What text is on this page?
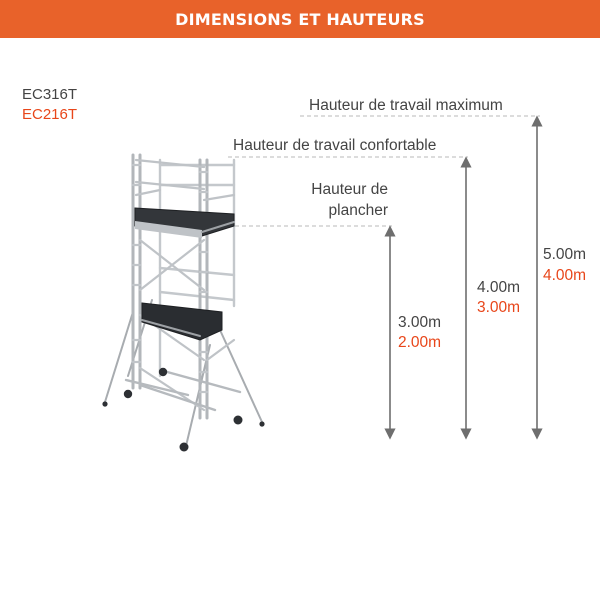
DIMENSIONS ET HAUTEURS
EC316T
EC216T
Hauteur de travail maximum
Hauteur de travail confortable
Hauteur de
plancher
3.00m
2.00m
4.00m
3.00m
5.00m
4.00m
